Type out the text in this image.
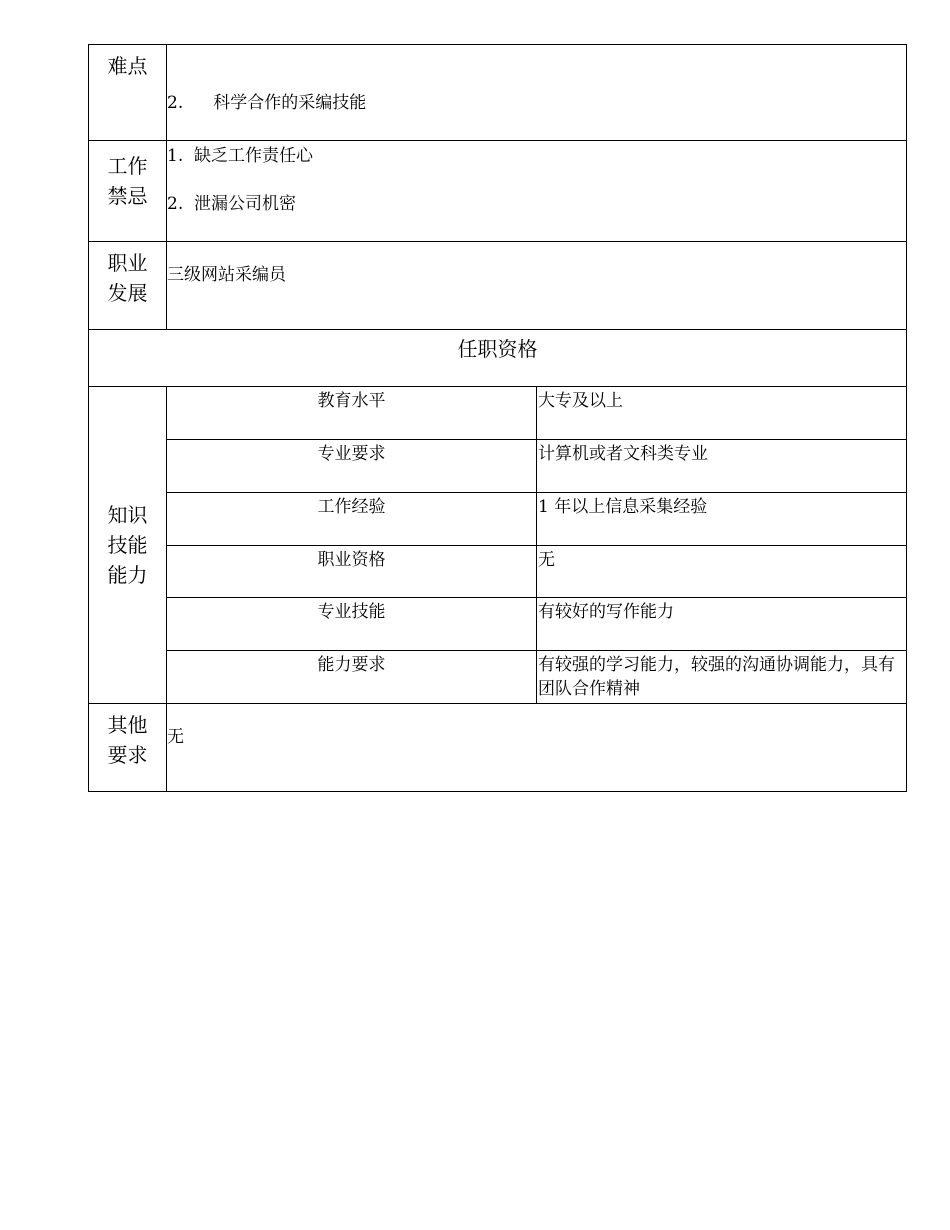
难点	2. 科学合作的采编技能	

工作禁忌	1. 缺乏工作责任心
2. 泄漏公司机密	

职业发展	三级网站采编员	

任职资格		

知识技能能力	教育水平	大专及以上
	专业要求	计算机或者文科类专业
	工作经验	1 年以上信息采集经验
	职业资格	无
	专业技能	有较好的写作能力
	能力要求	有较强的学习能力，较强的沟通协调能力，具有团队合作精神

其他要求	无	
